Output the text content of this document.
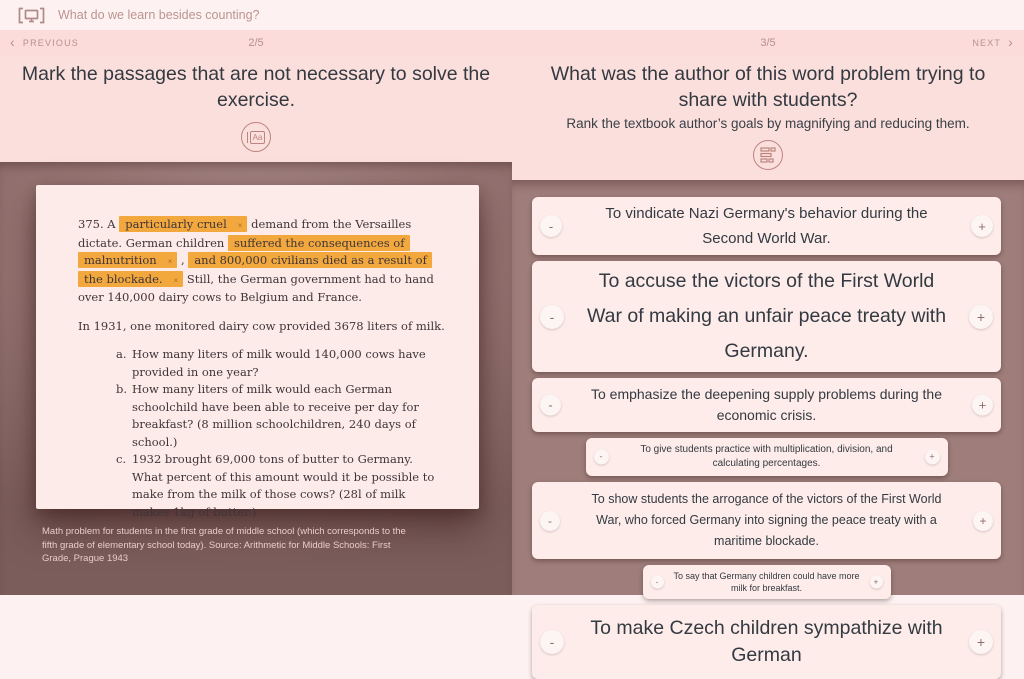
What do we learn besides counting?
‹ PREVIOUS	2/5
Mark the passages that are not necessary to solve the exercise.
Aa

375. A particularly cruel × demand from the Versailles dictate. German children suffered the consequences of malnutrition × , and 800,000 civilians died as a result of the blockade. × Still, the German government had to hand over 140,000 dairy cows to Belgium and France.

In 1931, one monitored dairy cow provided 3678 liters of milk.

a. How many liters of milk would 140,000 cows have provided in one year?
b. How many liters of milk would each German schoolchild have been able to receive per day for breakfast? (8 million schoolchildren, 240 days of school.)
c. 1932 brought 69,000 tons of butter to Germany. What percent of this amount would it be possible to make from the milk of those cows? (28l of milk makes 1kg of butter.)

Math problem for students in the first grade of middle school (which corresponds to the fifth grade of elementary school today). Source: Arithmetic for Middle Schools: First Grade, Prague 1943

3/5	NEXT ›
What was the author of this word problem trying to share with students?

Rank the textbook author’s goals by magnifying and reducing them.

-
To vindicate Nazi Germany's behavior during the Second World War.
+
-
To accuse the victors of the First World War of making an unfair peace treaty with Germany.
+
-
To emphasize the deepening supply problems during the economic crisis.
+
-
To give students practice with multiplication, division, and calculating percentages.
+
-
To show students the arrogance of the victors of the First World War, who forced Germany into signing the peace treaty with a maritime blockade.
+
-
To say that Germany children could have more milk for breakfast.
+
-
To make Czech children sympathize with German
+
